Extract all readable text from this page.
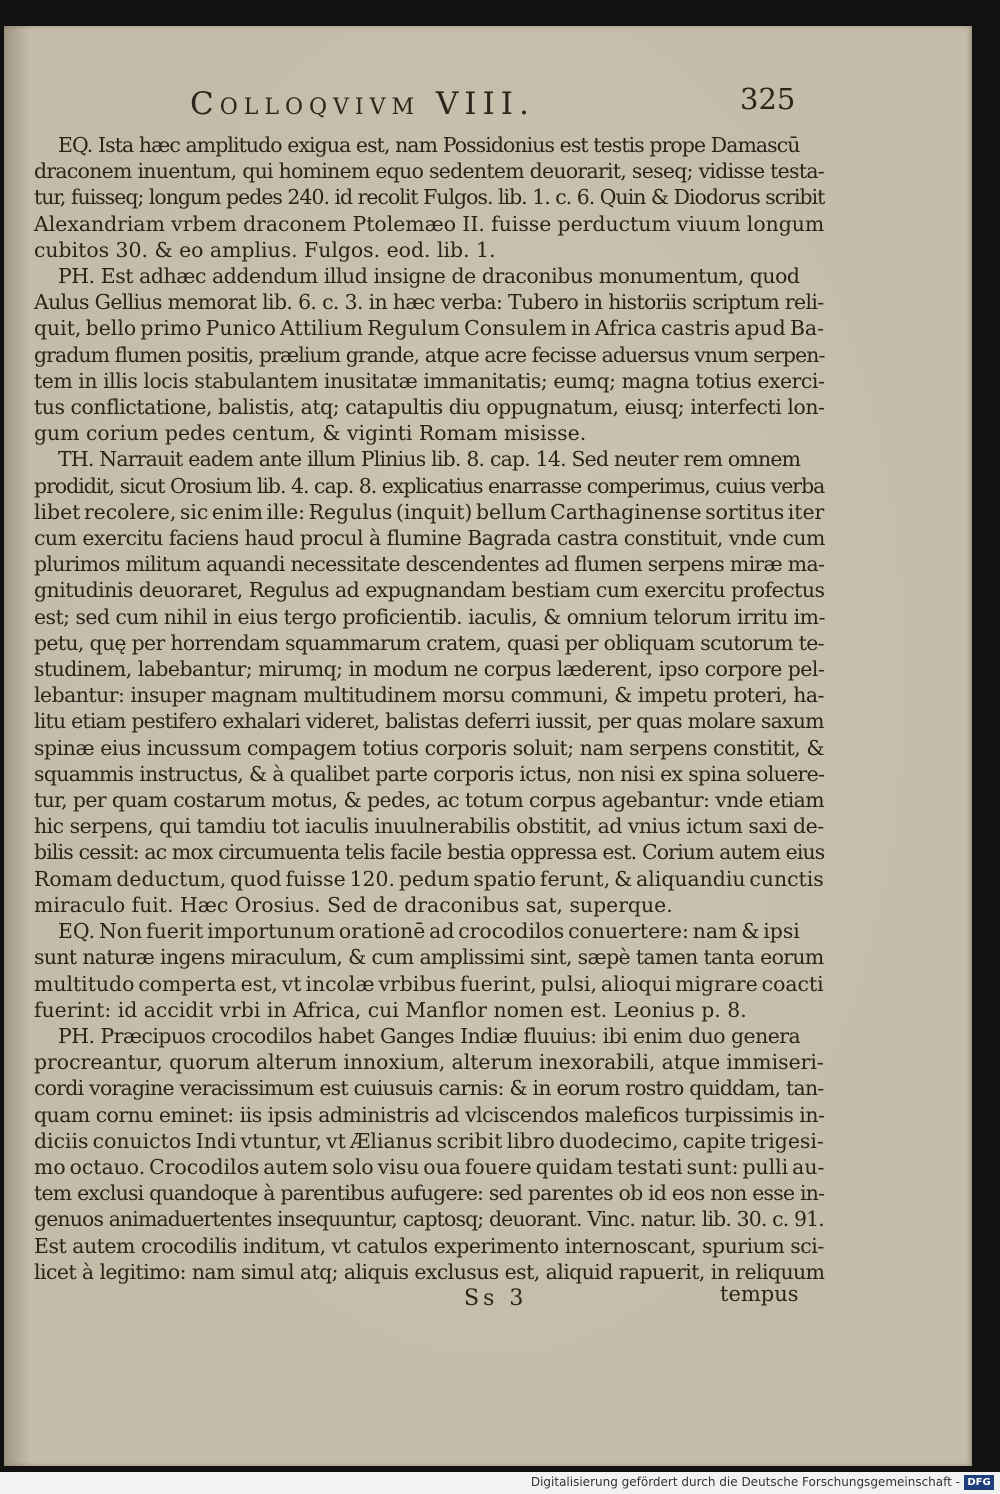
Colloqvivm VIII.	325
EQ. Ista hæc amplitudo exigua est, nam Possidonius est testis prope Damascū
draconem inuentum, qui hominem equo sedentem deuorarit, seseq; vidisse testa-
tur, fuisseq; longum pedes 240. id recolit Fulgos. lib. 1. c. 6. Quin & Diodorus scribit
Alexandriam vrbem draconem Ptolemæo II. fuisse perductum viuum longum
cubitos 30. & eo amplius. Fulgos. eod. lib. 1.
PH. Est adhæc addendum illud insigne de draconibus monumentum, quod
Aulus Gellius memorat lib. 6. c. 3. in hæc verba: Tubero in historiis scriptum reli-
quit, bello primo Punico Attilium Regulum Consulem in Africa castris apud Ba-
gradum flumen positis, prælium grande, atque acre fecisse aduersus vnum serpen-
tem in illis locis stabulantem inusitatæ immanitatis; eumq; magna totius exerci-
tus conflictatione, balistis, atq; catapultis diu oppugnatum, eiusq; interfecti lon-
gum corium pedes centum, & viginti Romam misisse.
TH. Narrauit eadem ante illum Plinius lib. 8. cap. 14. Sed neuter rem omnem
prodidit, sicut Orosium lib. 4. cap. 8. explicatius enarrasse comperimus, cuius verba
libet recolere, sic enim ille: Regulus (inquit) bellum Carthaginense sortitus iter
cum exercitu faciens haud procul à flumine Bagrada castra constituit, vnde cum
plurimos militum aquandi necessitate descendentes ad flumen serpens miræ ma-
gnitudinis deuoraret, Regulus ad expugnandam bestiam cum exercitu profectus
est; sed cum nihil in eius tergo proficientib. iaculis, & omnium telorum irritu im-
petu, quę per horrendam squammarum cratem, quasi per obliquam scutorum te-
studinem, labebantur; mirumq; in modum ne corpus læderent, ipso corpore pel-
lebantur: insuper magnam multitudinem morsu communi, & impetu proteri, ha-
litu etiam pestifero exhalari videret, balistas deferri iussit, per quas molare saxum
spinæ eius incussum compagem totius corporis soluit; nam serpens constitit, &
squammis instructus, & à qualibet parte corporis ictus, non nisi ex spina soluere-
tur, per quam costarum motus, & pedes, ac totum corpus agebantur: vnde etiam
hic serpens, qui tamdiu tot iaculis inuulnerabilis obstitit, ad vnius ictum saxi de-
bilis cessit: ac mox circumuenta telis facile bestia oppressa est. Corium autem eius
Romam deductum, quod fuisse 120. pedum spatio ferunt, & aliquandiu cunctis
miraculo fuit. Hæc Orosius. Sed de draconibus sat, superque.
EQ. Non fuerit importunum orationē ad crocodilos conuertere: nam & ipsi
sunt naturæ ingens miraculum, & cum amplissimi sint, sæpè tamen tanta eorum
multitudo comperta est, vt incolæ vrbibus fuerint, pulsi, alioqui migrare coacti
fuerint: id accidit vrbi in Africa, cui Manflor nomen est. Leonius p. 8.
PH. Præcipuos crocodilos habet Ganges Indiæ fluuius: ibi enim duo genera
procreantur, quorum alterum innoxium, alterum inexorabili, atque immiseri-
cordi voragine veracissimum est cuiusuis carnis: & in eorum rostro quiddam, tan-
quam cornu eminet: iis ipsis administris ad vlciscendos maleficos turpissimis in-
diciis conuictos Indi vtuntur, vt Ælianus scribit libro duodecimo, capite trigesi-
mo octauo. Crocodilos autem solo visu oua fouere quidam testati sunt: pulli au-
tem exclusi quandoque à parentibus aufugere: sed parentes ob id eos non esse in-
genuos animaduertentes insequuntur, captosq; deuorant. Vinc. natur. lib. 30. c. 91.
Est autem crocodilis inditum, vt catulos experimento internoscant, spurium sci-
licet à legitimo: nam simul atq; aliquis exclusus est, aliquid rapuerit, in reliquum
Ss 3	tempus
Digitalisierung gefördert durch die Deutsche Forschungsgemeinschaft - DFG
